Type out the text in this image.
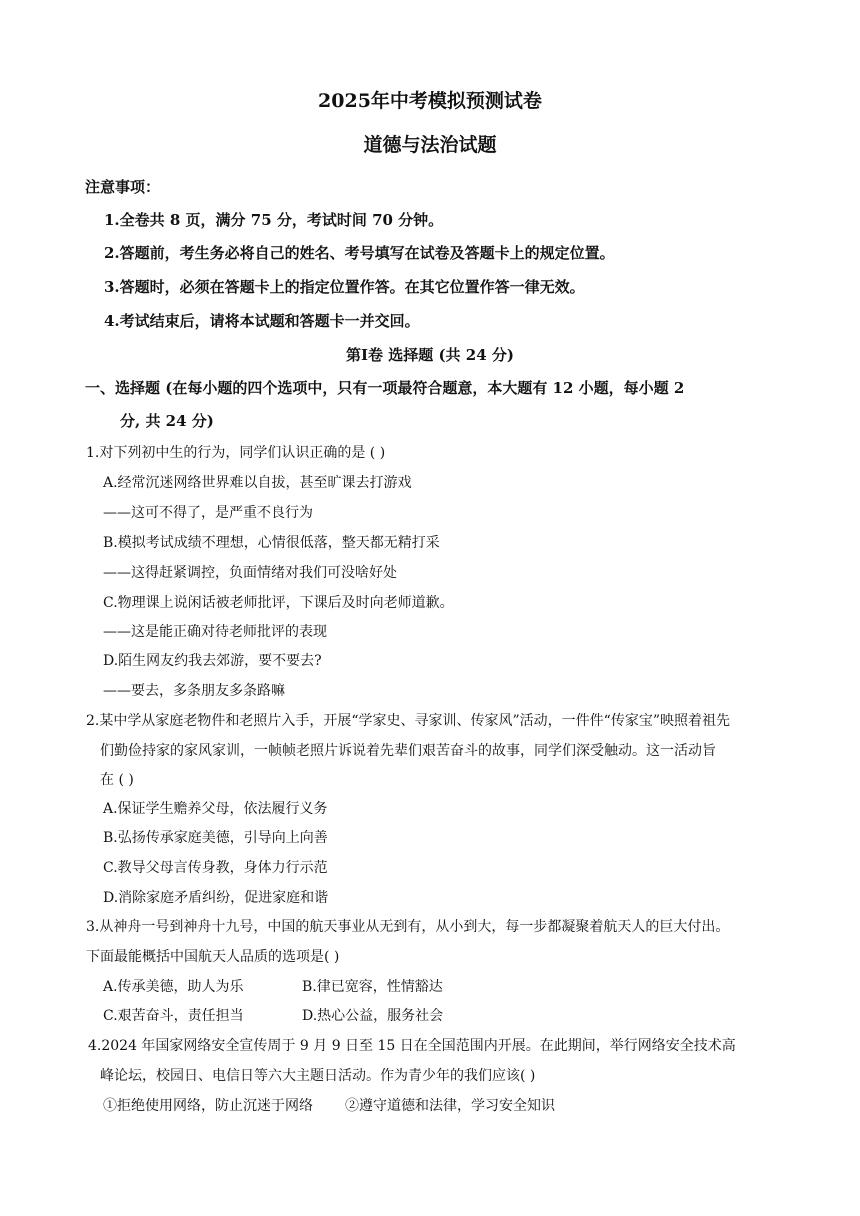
2025年中考模拟预测试卷
道德与法治试题
注意事项：
1.全卷共 8 页，满分 75 分，考试时间 70 分钟。
2.答题前，考生务必将自己的姓名、考号填写在试卷及答题卡上的规定位置。
3.答题时，必须在答题卡上的指定位置作答。在其它位置作答一律无效。
4.考试结束后，请将本试题和答题卡一并交回。
第Ⅰ卷 选择题 (共 24 分)
一、选择题 (在每小题的四个选项中，只有一项最符合题意，本大题有 12 小题，每小题 2
分, 共 24 分)
1.对下列初中生的行为，同学们认识正确的是 ( )
A.经常沉迷网络世界难以自拔，甚至旷课去打游戏
——这可不得了，是严重不良行为
B.模拟考试成绩不理想，心情很低落，整天都无精打采
——这得赶紧调控，负面情绪对我们可没啥好处
C.物理课上说闲话被老师批评，下课后及时向老师道歉。
——这是能正确对待老师批评的表现
D.陌生网友约我去郊游，要不要去?
——要去，多条朋友多条路嘛
2.某中学从家庭老物件和老照片入手，开展“学家史、寻家训、传家风”活动，一件件“传家宝”映照着祖先
们勤俭持家的家风家训，一帧帧老照片诉说着先辈们艰苦奋斗的故事，同学们深受触动。这一活动旨
在 ( )
A.保证学生赡养父母，依法履行义务
B.弘扬传承家庭美德，引导向上向善
C.教导父母言传身教，身体力行示范
D.消除家庭矛盾纠纷，促进家庭和谐
3.从神舟一号到神舟十九号，中国的航天事业从无到有，从小到大，每一步都凝聚着航天人的巨大付出。
下面最能概括中国航天人品质的选项是( )
A.传承美德，助人为乐	B.律已宽容，性情豁达
C.艰苦奋斗，责任担当	D.热心公益，服务社会
4.2024 年国家网络安全宣传周于 9 月 9 日至 15 日在全国范围内开展。在此期间，举行网络安全技术高
峰论坛，校园日、电信日等六大主题日活动。作为青少年的我们应该( )
①拒绝使用网络，防止沉迷于网络 ②遵守道德和法律，学习安全知识
